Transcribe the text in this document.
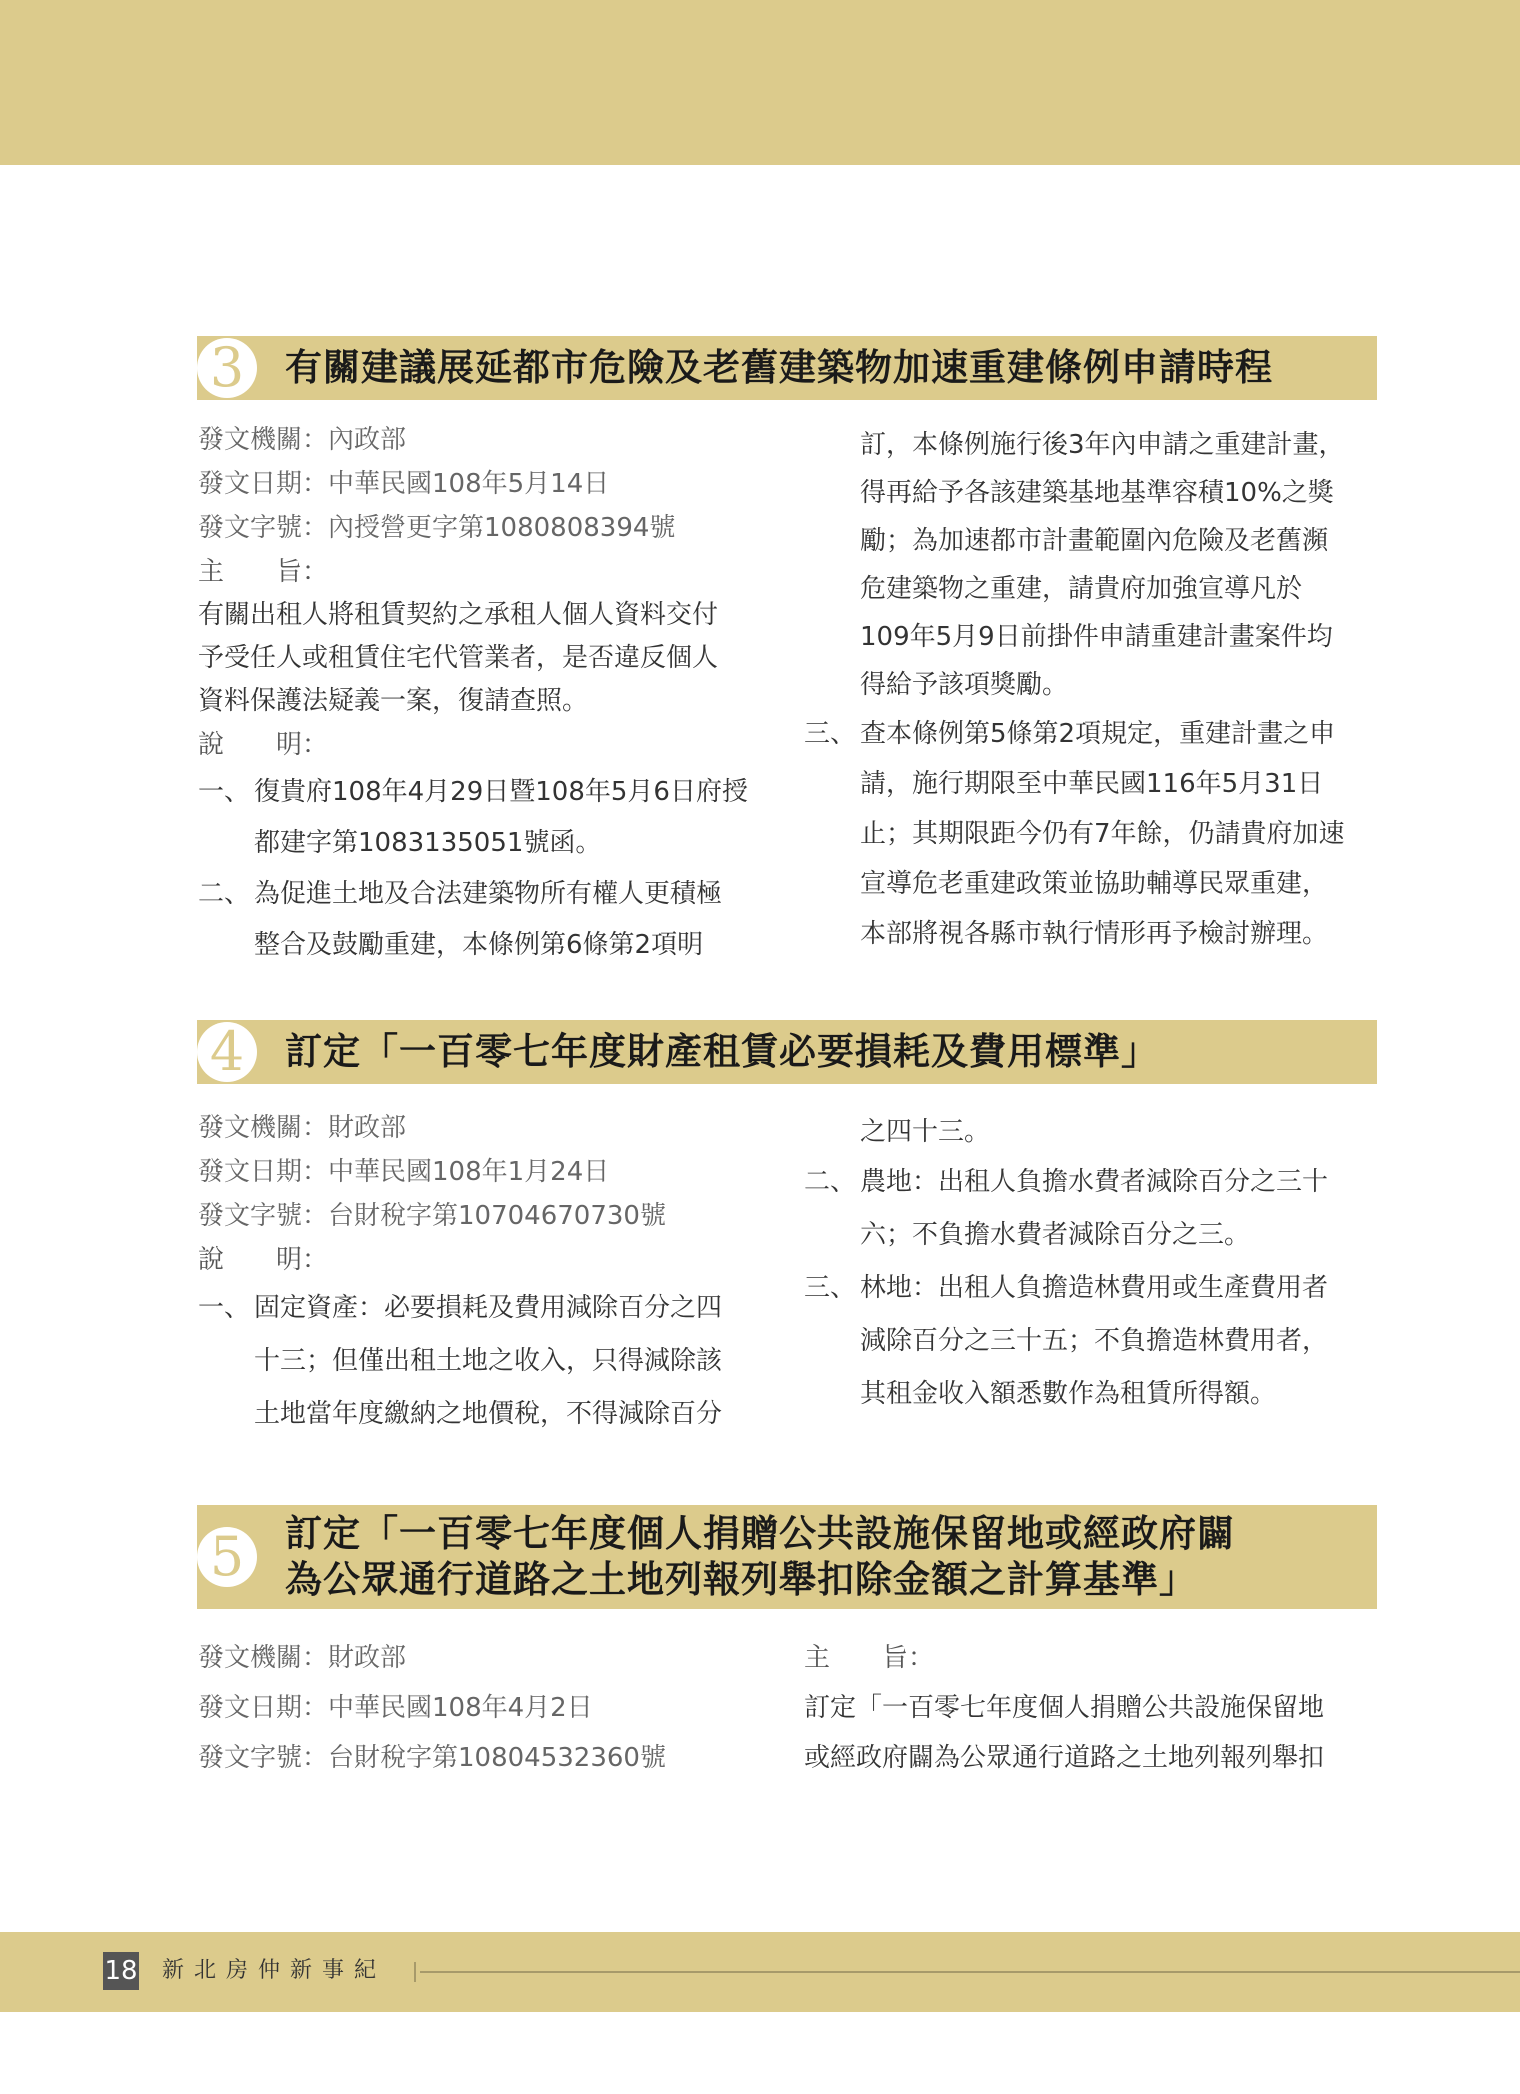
3	有關建議展延都市危險及老舊建築物加速重建條例申請時程
發文機關：內政部
發文日期：中華民國108年5月14日
發文字號：內授營更字第1080808394號
主　　旨：
有關出租人將租賃契約之承租人個人資料交付
予受任人或租賃住宅代管業者，是否違反個人
資料保護法疑義一案，復請查照。
說　　明：
一、 復貴府108年4月29日暨108年5月6日府授
都建字第1083135051號函。
二、 為促進土地及合法建築物所有權人更積極
整合及鼓勵重建，本條例第6條第2項明
訂，本條例施行後3年內申請之重建計畫，
得再給予各該建築基地基準容積10%之獎
勵；為加速都市計畫範圍內危險及老舊瀕
危建築物之重建，請貴府加強宣導凡於
109年5月9日前掛件申請重建計畫案件均
得給予該項獎勵。
三、 查本條例第5條第2項規定，重建計畫之申
請，施行期限至中華民國116年5月31日
止；其期限距今仍有7年餘，仍請貴府加速
宣導危老重建政策並協助輔導民眾重建，
本部將視各縣市執行情形再予檢討辦理。
4	訂定「一百零七年度財產租賃必要損耗及費用標準」
發文機關：財政部
發文日期：中華民國108年1月24日
發文字號：台財稅字第10704670730號
說　　明：
一、 固定資產：必要損耗及費用減除百分之四
十三；但僅出租土地之收入，只得減除該
土地當年度繳納之地價稅，不得減除百分
之四十三。
二、 農地：出租人負擔水費者減除百分之三十
六；不負擔水費者減除百分之三。
三、 林地：出租人負擔造林費用或生產費用者
減除百分之三十五；不負擔造林費用者，
其租金收入額悉數作為租賃所得額。
5	訂定「一百零七年度個人捐贈公共設施保留地或經政府闢
為公眾通行道路之土地列報列舉扣除金額之計算基準」
發文機關：財政部
發文日期：中華民國108年4月2日
發文字號：台財稅字第10804532360號
主　　旨：
訂定「一百零七年度個人捐贈公共設施保留地
或經政府闢為公眾通行道路之土地列報列舉扣
18 新北房仲新事紀
